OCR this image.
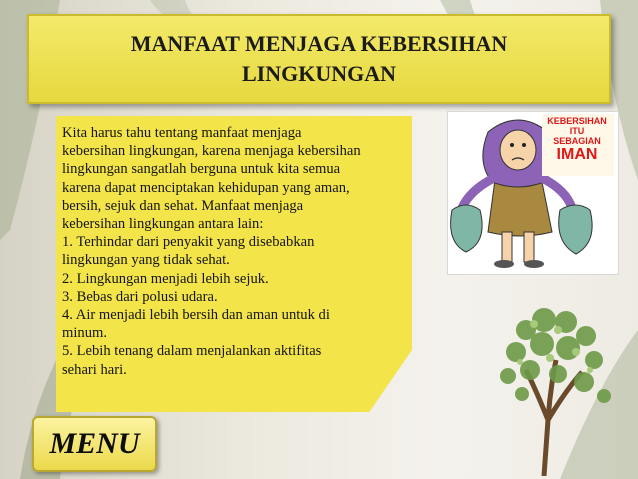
MANFAAT MENJAGA KEBERSIHAN
LINGKUNGAN
Kita harus tahu tentang manfaat menjaga
kebersihan lingkungan, karena menjaga kebersihan
lingkungan sangatlah berguna untuk kita semua
karena dapat menciptakan kehidupan yang aman,
bersih, sejuk dan sehat. Manfaat menjaga
kebersihan lingkungan antara lain:
1. Terhindar dari penyakit yang disebabkan
lingkungan yang tidak sehat.
2. Lingkungan menjadi lebih sejuk.
3. Bebas dari polusi udara.
4. Air menjadi lebih bersih dan aman untuk di
minum.
5. Lebih tenang dalam menjalankan aktifitas
sehari hari.
MENU
KEBERSIHAN
ITU
SEBAGIAN
IMAN
